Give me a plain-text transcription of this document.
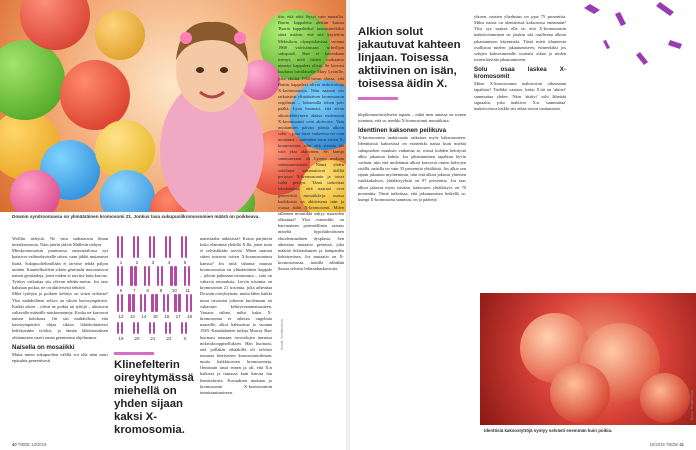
Downin syndroomassa on ylimääräinen kromosomi 21. Jonkus tasa sukupuolikromosomien määrä on poikkeava.

Wolffin tiehyttä. Ne vain surkastuvat ilman miestkromosia. Näin jäävät jäävät Müllerin tiehyet.

Mieskromosomin puuttuessa naisvartalossa nyt kutsuvoi vaihtoehtoiselle sitten, vaan jäkkit mutamiset lisätä. Sukupuolielimiltään ei tarvitse tehdä paljon mitään. Kuuntelkoitlein sikiön genitaalit muotoutuvat naisen genitaaleja, joten niiden ei tarvitse kuin kasvaa.

Tyttöys vaikuttaa siis olevan tehdas-asetus. Jos taas halutaan poikia, ne on aktiivisesti tehtävä.

Mikä tyttöjen ja poikien kehitys on sitten erilaista? Yksi mahdollinen selitys on sikiön kasvuympäristö. Kaikki sikiöt – olivat ne poikia tai tyttöjä – altistuvat valtavalle määrälle naishormoneja. Koska ne kasvavat naisen kohdussa. On siis mahdollista, että kasvuympäristö ohjaa sikiön lähtökohtaisesti kehittymään tytöksi, ja tämän lähtöasetuksen ohittaminen vaatii oman geenisensa ohjelmansa.

Naisella on mosaiikki

Mutta miten sukupuolten välillä voi olla näin suuri epäsuhta geneettisesti

1	2	3	4	5
6	7	8	9	10	11
12	13	14	15	16	17	18
19	20	21	22	X
Klinefelterin oireyhtymässä miehellä on yhden sijaan kaksi X-kromosomia.

materiaalia näkösissä? Koirat pärjäävät koko elämänsä yhdellä X:llä, joten tosta ei selvästikään tarvita. Miten naaraat sitten toteavat toisen X-kromosominsa kanssa? Jos niitä tahansa muusta kromosomista on ylimääräinen kappale – joltoin puhutaan trisomiasta – siitä on vakavia seurauksia. Lievin trisomia on kromosomin 21 trisomia, joka aiheuttaa Downin oireyhtymän, mutta lähes kaikki muut trisomiat johtavat kuolemaan tai vakavaan kehitysvammaisuuteen. Vastaus siihen, miksi kaksi X-kromosomia ei aiheuta ongelmia naaraille, alkoi hahmottua jo vuonna 1949. Kanadalainen tutkija Murray Barr huomasi naaraan aivosolujen tumassa mikroskooppiselluksen. Hän huomasi, että joillakin eikääkillä oli selvästi tumassa kiertyneen kromosomirihman, mutta kaikkitoisien kromosomeja. Onnistuin tässä ennen ja oli, että X:n kaikissa ja tumassa kuin kasvaa luu kumisoluista. Kuvauksen mukaan jo kromosomin X-kromosomiin tunnistautumiseen.

Kuvat: Shutterstock
40 TIEDE 10/2019

tiin, että niitä löytyi vain naarailta. Barrin kappaletta alettiin kutsua 'Barrin kappaleeksi' tunnusmerkiksi siinä määrin, että sitä käytettiin Mekisikon olympialaisissa vuonna 1968 valvistamaan urheilijan sukupuoli. Barr ei kuitenkaan tiennyt, mitä hänen mukaansa nimetyt kappaleet olivat. Se korvasi kuuluisa brittiläiselle Mary Lyonille, joka olvilat 1960-luvun alussa, että Barrin kappaleet olivat inaktivoituja X-kromosomeja. Näin naaraat siis ratkaisivat ylimääräisen kromosomin ongelman – laittamalla toisen pois päältä. Lyon huomasi, että aivan aikuisiehittyneen aluksa molemmat X-kromosomit ovat aktiivisia. Vain muutamien päivän päästä alkion solut – joita tässä vaiheessa on vain muutama – summiten tavat toisen X-kromosomin, niin että sotusta jää vain yksi aktiivinen. Se, kumpi sammutetaan, oli Lyonin mukaan sattumanvaraista. Nämä yhden solulinjat sammuttavat äidiltä periytyn X-kromosomin ja toiset isältä perityn. Tämä tarkoittaa käytännössä, että naaraat ovat geneettisiä mosaiikkeja: osassa kudoksista on aktiivisena isän ja osassa äidin X-kromosomi. Miten tällainen mosaiikki näkyy naaraiden olämässä? Yksi esimerkki on harvinainen perinnöllinen sairaus nimeltä hypohidroottinen ektodermaalinen dysplasia. Sen aiheuttaa mutaatio geenissä, joka määrää hikirauhasten ja hampaiden kehittymisen. Jos mutaatio on X-kromosomissa, naisilla nähdään ihossa selvästi hikirauhaskuvioita.

Alkion solut jakautuvat kahteen linjaan. Toisessa aktiivinen on isän, toisessa äidin X.

klipikonnaväritykseen tapaan – mikä inen aniassa on toinen toiminta, että se, merkki X-kromosomit mosaiikista.

Identtinen kaksonen peilikuva

X-kromosomin inaktivaatio ratkaisee myös kaksosuuteen. Identtisissä kaksosissa on esimerkki naisia kuin miehiä sukupuolten muuksin vaikuttaa se, missä kohden kehitystä alkio jakautuu kahtia. Jos jakautuminen tapahtuu hyvin varhain, niin että molemmat alkiot kasvavat omien kalvojen sisällä, naisilla on vain 35 prosenttia yhtäläistä. Jos alkio sen sijaan jakautuu myöhemmin, niin että alkiot jakavat yhteisen istukkakalvon, yhtäläisyyksiä on 97 prosenttia. Jos taas alkiot jakavat myös istukan, kaksosten yhtäläisyys on 70 prosenttia. Tämä tarkoittaa, että jakautumisen hetkellä se, kumpi X-kromosomi sammuu, on jo päätetty.

yhtoen, naisten yliedustus on jopa 75 prosenttia. Miksi naisia on identtisissä kaksosissa enemmän? Yksi syy saattaa olla se, että X-kromosomin inaktivoituminen on jotakin sitä osallisena alkion jakautumisen käynnistää. Tässä mieti tilanteesta osallistuu mielen jakautumiseen, esimerkiksi jos solujen kaksosimmalle tuottaisi aikaa ja niiden toinen käyttää jakautumiseen.

Solu osaa laskea X-kromosomit

Miten X-kromosomin inaktivointi oikeastaan tapahtuu? Tiedäkö vastaus: kaksi X:ää on 'aktiivi' sammuttaa yhden. Näin 'aktiivi' solu lähettää signaalin, joka inaktivoi X:n 'sammuttaa' inaktivoituva kaikki siis aikaa toisen tuottamisen.

Identtisiä kaksostyttöjä syntyy selvästi enemmän kuin poikia.
Kuva: Shutterstock
10/2019 TIEDE 41
